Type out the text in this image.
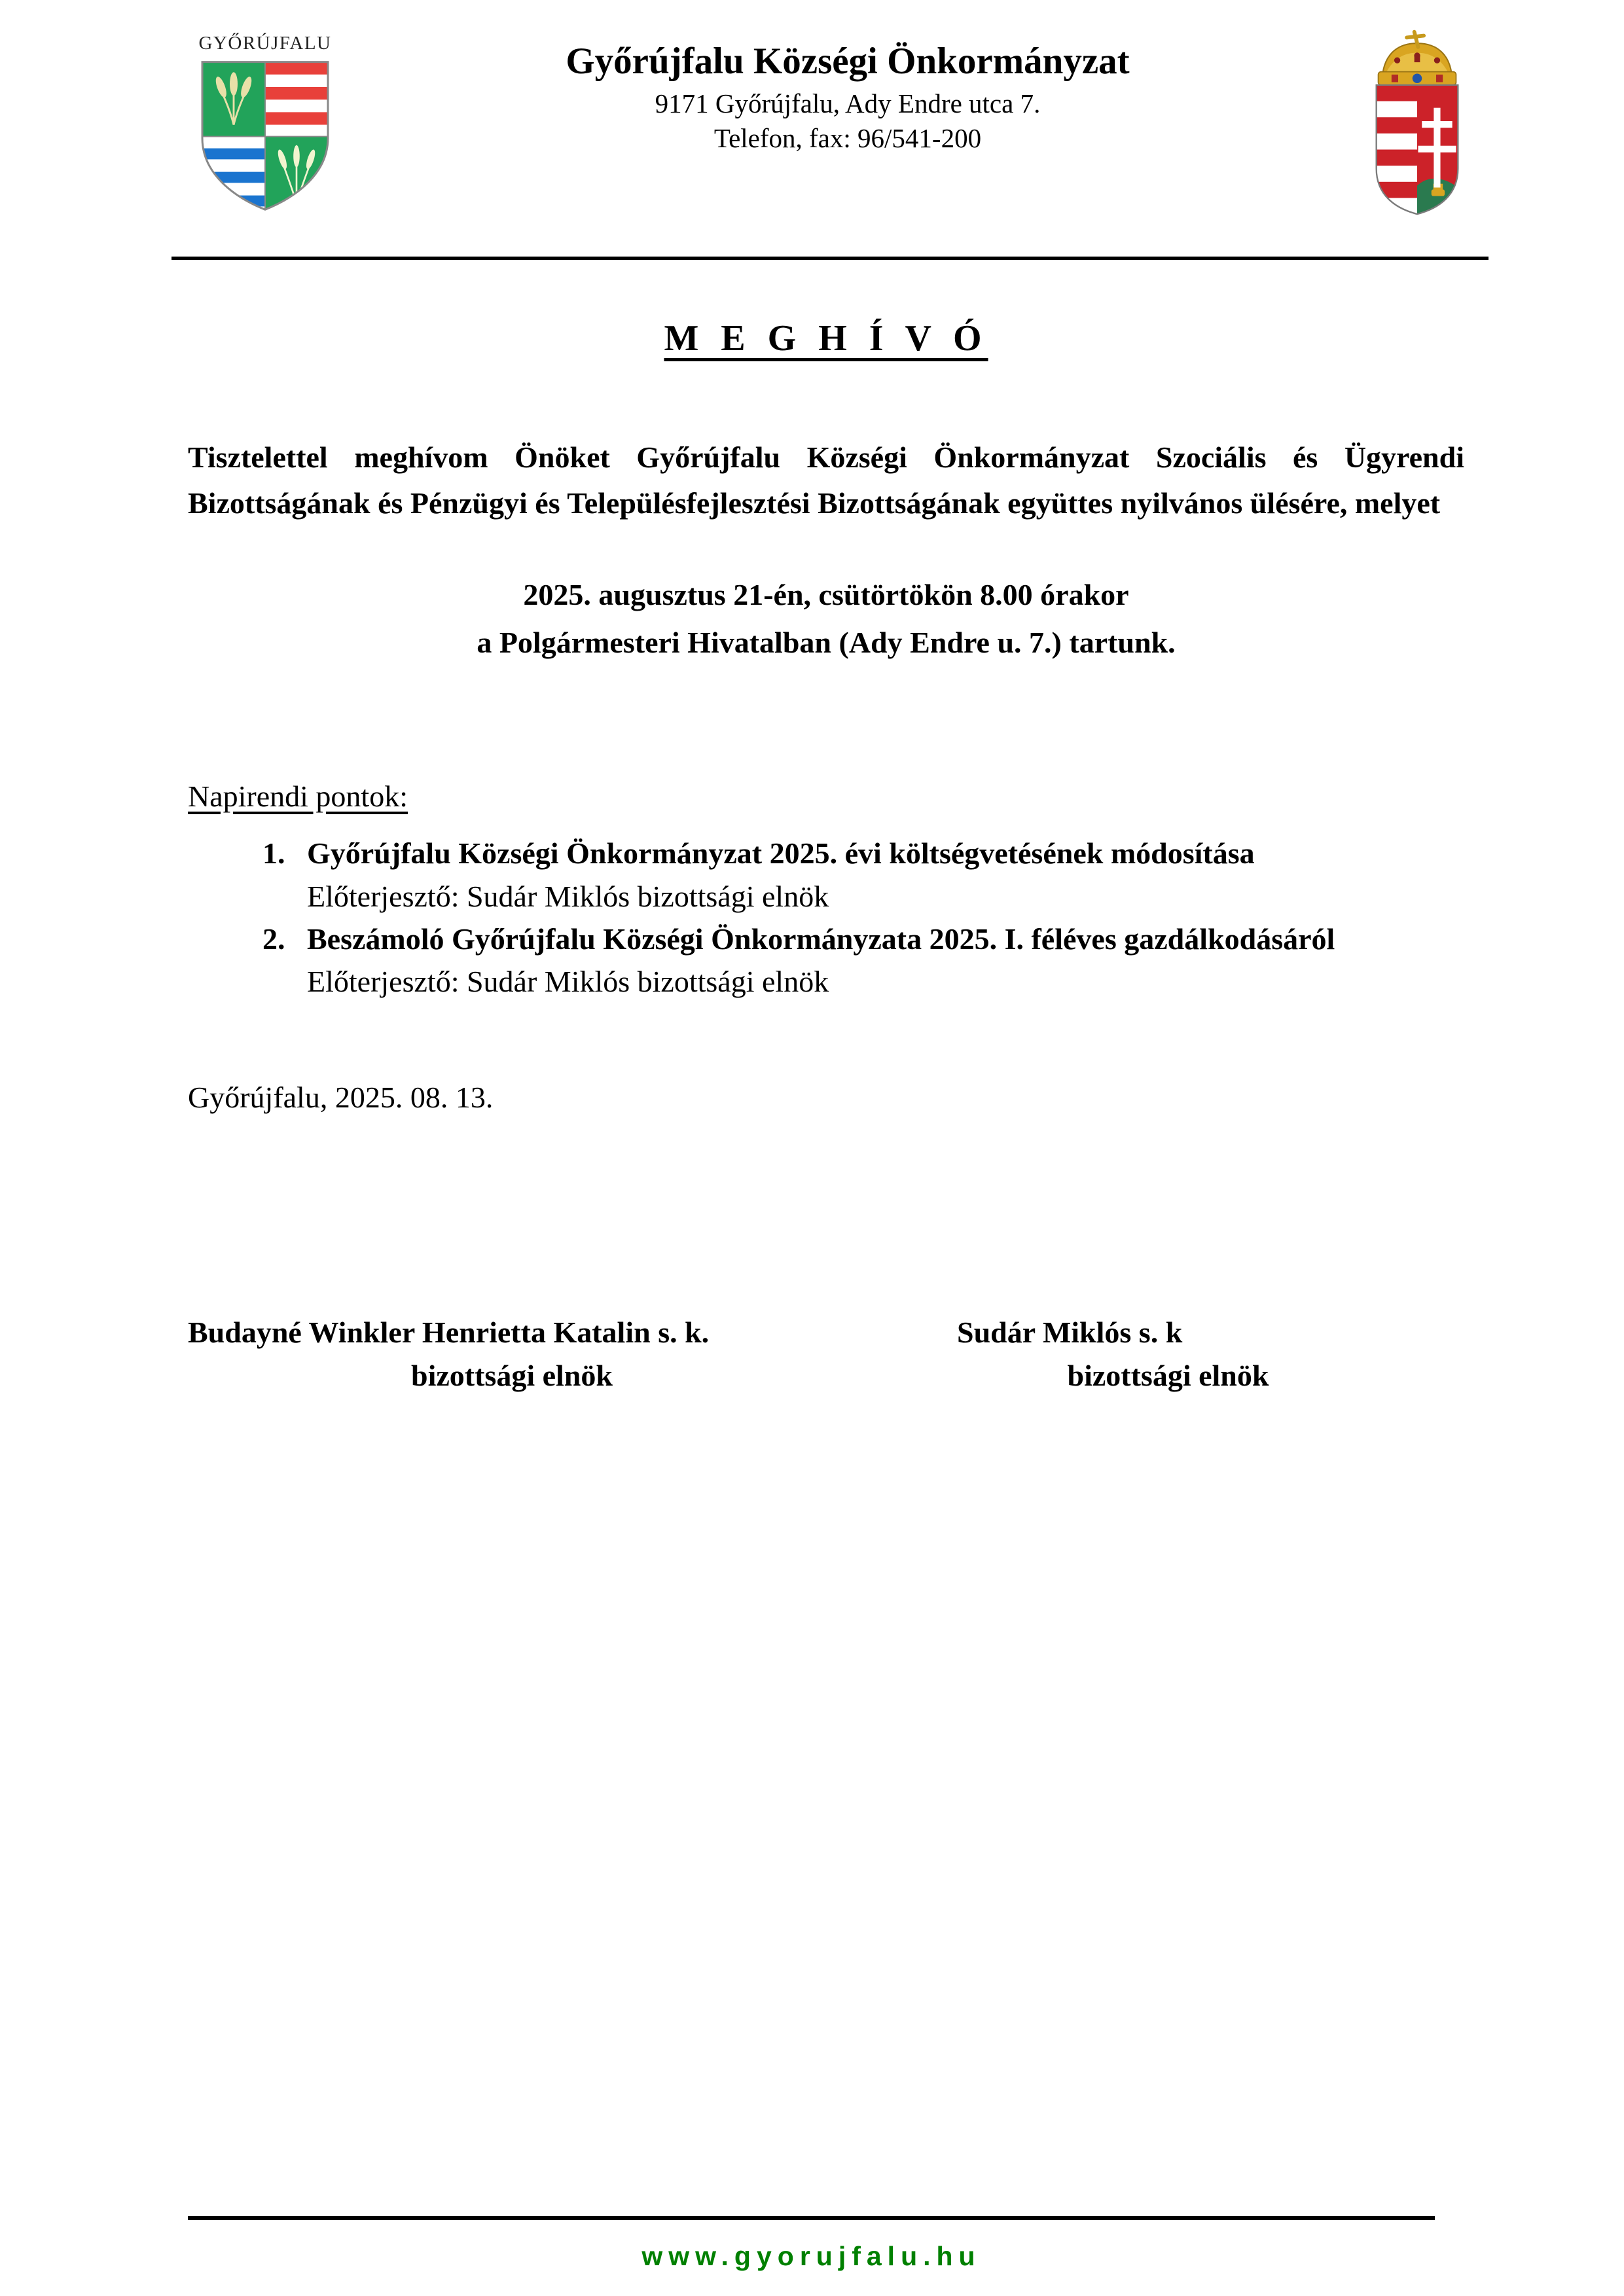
GYŐRÚJFALU	Győrújfalu Községi Önkormányzat
9171 Győrújfalu, Ady Endre utca 7.
Telefon, fax: 96/541-200
M E G H Í V Ó

Tisztelettel meghívom Önöket Győrújfalu Községi Önkormányzat Szociális és Ügyrendi Bizottságának és Pénzügyi és Településfejlesztési Bizottságának együttes nyilvános ülésére, melyet

2025. augusztus 21-én, csütörtökön 8.00 órakor
a Polgármesteri Hivatalban (Ady Endre u. 7.) tartunk.
Napirendi pontok:
1. Győrújfalu Községi Önkormányzat 2025. évi költségvetésének módosítása
Előterjesztő: Sudár Miklós bizottsági elnök
2. Beszámoló Győrújfalu Községi Önkormányzata 2025. I. féléves gazdálkodásáról
Előterjesztő: Sudár Miklós bizottsági elnök
Győrújfalu, 2025. 08. 13.
Budayné Winkler Henrietta Katalin s. k.
bizottsági elnök
Sudár Miklós s. k
bizottsági elnök
www.gyorujfalu.hu
